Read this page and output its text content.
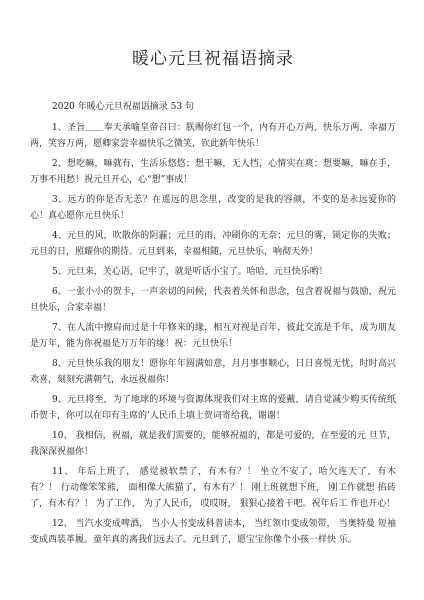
暖心元旦祝福语摘录

2020 年暖心元旦祝福语摘录 53 句

1、圣旨＿＿奉天承喻皇帝召曰：朕赐你红包一个，内有开心万两，快乐万两，幸福万两，笑容万两，愿卿家尝幸福快乐之微笑，钦此新年快乐！

2、想吃嘛，嘛就有，生活乐悠悠；想干嘛，无人挡，心情实在爽；想要嘛，嘛在手，万事不用愁！祝元旦开心，心“想”事成！

3、远方的你是否无恙？在遥远的思念里，改变的是我的容颜，不变的是永远爱你的心！真心愿你元旦快乐！

4、元旦的风，吹散你的阴霾；元旦的雨，冲刷你的无奈；元旦的雾，锁定你的失败；元旦的日，照耀你的期待。元旦到来，幸福相随，元旦快乐，响彻天外！

5、元旦来，关心语，记牢了，就是听话小宝了。哈哈，元旦快乐哟！

6、一张小小的贺卡，一声亲切的问候，代表着关怀和思念，包含着祝福与鼓励，祝元旦快乐，合家幸福！

7、在人流中擦肩而过是十年修来的缘，相互对视是百年，彼此交流是千年，成为朋友是万年，能为你祝福是万万年的缘！祝：元旦快乐！

8、元旦快乐我的朋友！愿你年年圆满如意，月月事事顺心，日日喜悦无忧，时时高兴欢喜，刻刻充满朝气，永远祝福你！

9、元旦将至，为了地球的环境与资源体现我们对主席的爱戴，请自觉减少购买传统纸币贺卡，你可以在印有主席的’人民币上填上贺词寄给我，谢谢！

10、 我相信，祝福，就是我们需要的，能够祝福的，都是可爱的，在至爱的元 旦节，我深深祝福你！

11、 年后上班了， 感觉被软禁了，有木有？！ 坐立不安了，哈欠连天了，有木 有？！ 行动像笨笨熊， 面相像大熊猫了，有木有？！ 刚上班就想下班， 刚工作就想 掐砖了，有木有？！ 为了工作， 为了人民币， 哎哎呀， 狠狠心接着干吧。祝年后工 作也开心！

12、 当汽水变成啤酒， 当小人书变成科普读本， 当红领巾变成领带， 当奥特曼 短袖变成西装革履。童年真的离我们远去了。元旦到了，愿宝宝你像个小孩一样快 乐。
